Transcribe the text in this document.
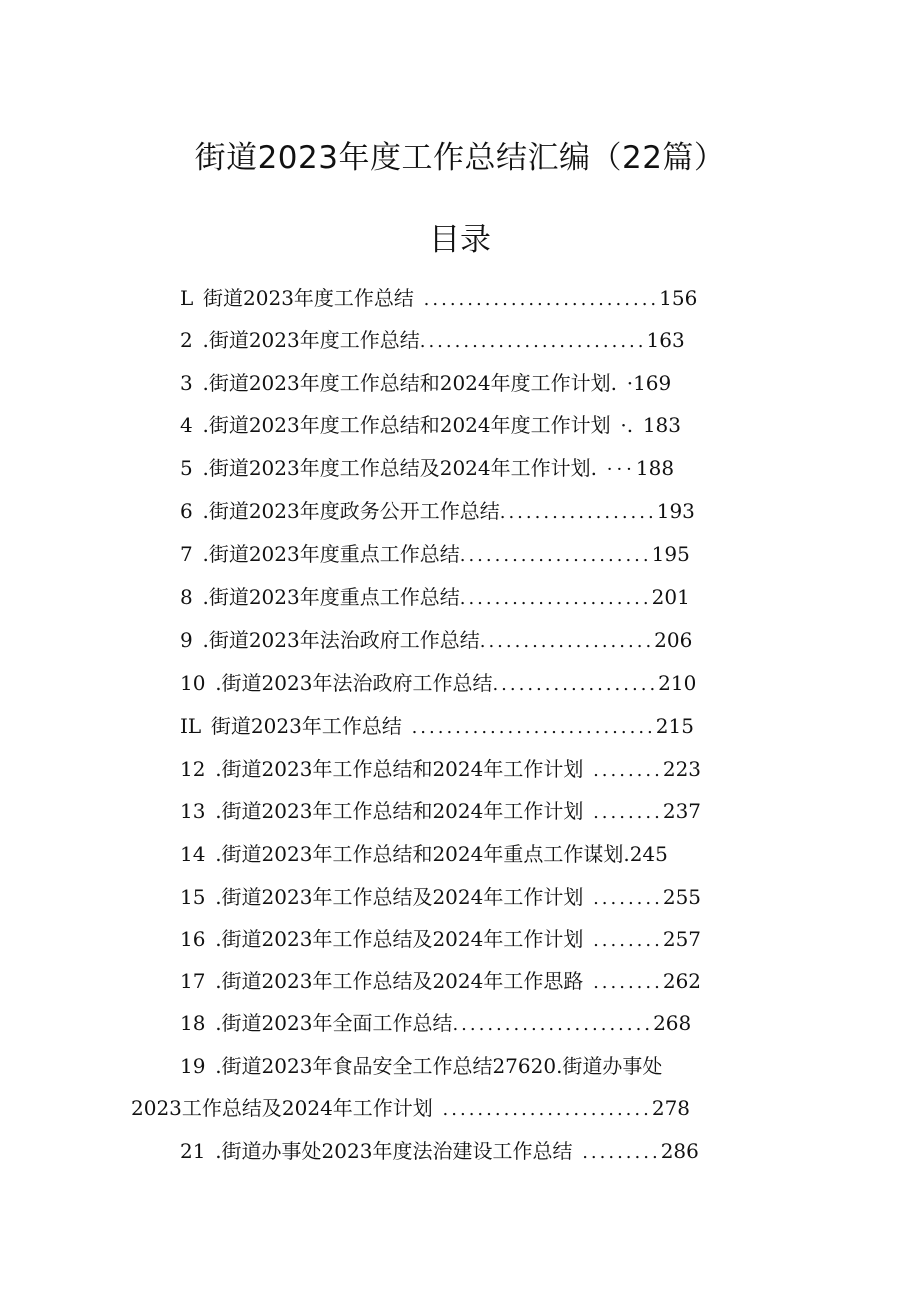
街道2023年度工作总结汇编（22篇）
目录
L 街道2023年度工作总结 ...........................156
2 .街道2023年度工作总结..........................163
3 .街道2023年度工作总结和2024年度工作计划. ·169
4 .街道2023年度工作总结和2024年度工作计划 ·. 183
5 .街道2023年度工作总结及2024年工作计划. ···188
6 .街道2023年度政务公开工作总结..................193
7 .街道2023年度重点工作总结......................195
8 .街道2023年度重点工作总结......................201
9 .街道2023年法治政府工作总结....................206
10 .街道2023年法治政府工作总结...................210
IL 街道2023年工作总结 ............................215
12 .街道2023年工作总结和2024年工作计划 ........223
13 .街道2023年工作总结和2024年工作计划 ........237
14 .街道2023年工作总结和2024年重点工作谋划.245
15 .街道2023年工作总结及2024年工作计划 ........255
16 .街道2023年工作总结及2024年工作计划 ........257
17 .街道2023年工作总结及2024年工作思路 ........262
18 .街道2023年全面工作总结.......................268
19 .街道2023年食品安全工作总结27620.街道办事处
2023工作总结及2024年工作计划 ........................278
21 .街道办事处2023年度法治建设工作总结 .........286
